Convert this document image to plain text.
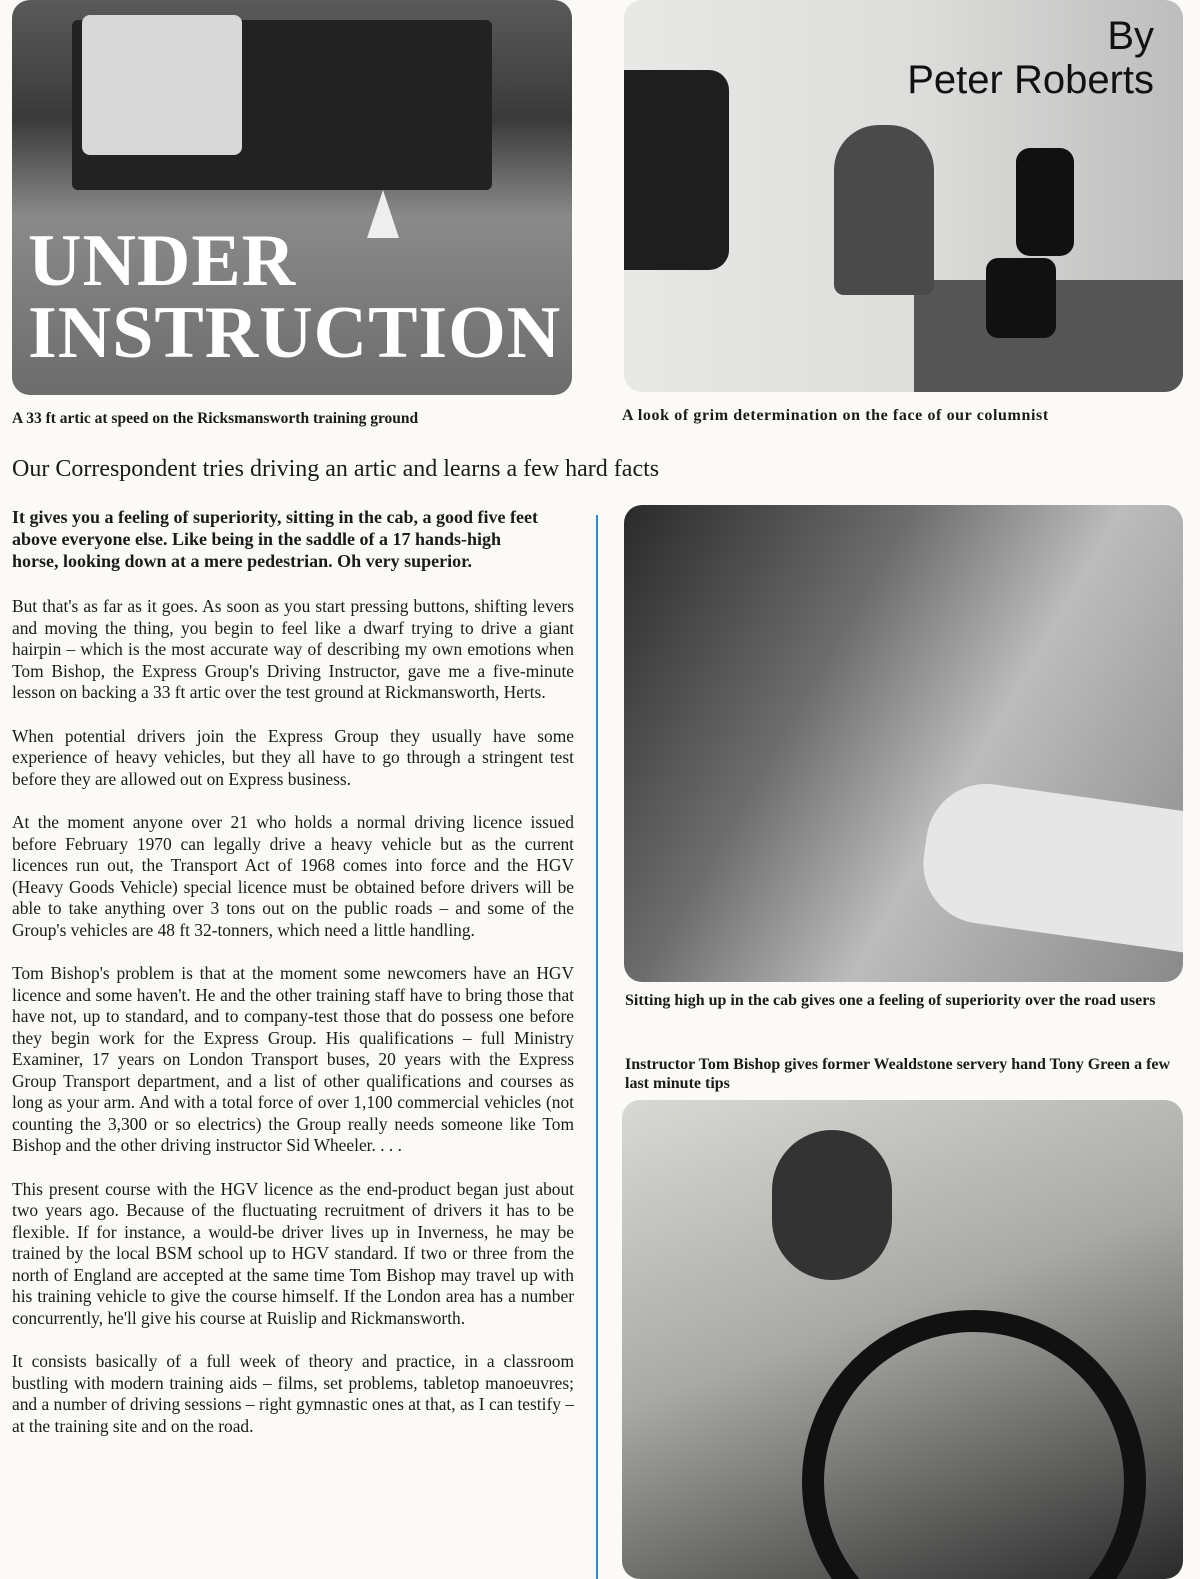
UNDER
INSTRUCTION
By
Peter Roberts
A 33 ft artic at speed on the Ricksmansworth training ground	A look of grim determination on the face of our columnist
Our Correspondent tries driving an artic and learns a few hard facts

It gives you a feeling of superiority, sitting in the cab, a good five feet above everyone else. Like being in the saddle of a 17 hands-high horse, looking down at a mere pedestrian. Oh very superior.

But that's as far as it goes. As soon as you start pressing buttons, shifting levers and moving the thing, you begin to feel like a dwarf trying to drive a giant hairpin – which is the most accurate way of describing my own emotions when Tom Bishop, the Express Group's Driving Instructor, gave me a five-minute lesson on backing a 33 ft artic over the test ground at Rickmansworth, Herts.

When potential drivers join the Express Group they usually have some experience of heavy vehicles, but they all have to go through a stringent test before they are allowed out on Express business.

At the moment anyone over 21 who holds a normal driving licence issued before February 1970 can legally drive a heavy vehicle but as the current licences run out, the Transport Act of 1968 comes into force and the HGV (Heavy Goods Vehicle) special licence must be obtained before drivers will be able to take anything over 3 tons out on the public roads – and some of the Group's vehicles are 48 ft 32-tonners, which need a little handling.

Tom Bishop's problem is that at the moment some newcomers have an HGV licence and some haven't. He and the other training staff have to bring those that have not, up to standard, and to company-test those that do possess one before they begin work for the Express Group. His qualifications – full Ministry Examiner, 17 years on London Transport buses, 20 years with the Express Group Transport department, and a list of other qualifications and courses as long as your arm. And with a total force of over 1,100 commercial vehicles (not counting the 3,300 or so electrics) the Group really needs someone like Tom Bishop and the other driving instructor Sid Wheeler. . . .

This present course with the HGV licence as the end-product began just about two years ago. Because of the fluctuating recruitment of drivers it has to be flexible. If for instance, a would-be driver lives up in Inverness, he may be trained by the local BSM school up to HGV standard. If two or three from the north of England are accepted at the same time Tom Bishop may travel up with his training vehicle to give the course himself. If the London area has a number concurrently, he'll give his course at Ruislip and Rickmansworth.

It consists basically of a full week of theory and practice, in a classroom bustling with modern training aids – films, set problems, tabletop manoeuvres; and a number of driving sessions – right gymnastic ones at that, as I can testify – at the training site and on the road.

Sitting high up in the cab gives one a feeling of superiority over the road users
Instructor Tom Bishop gives former Wealdstone servery hand Tony Green a few last minute tips
